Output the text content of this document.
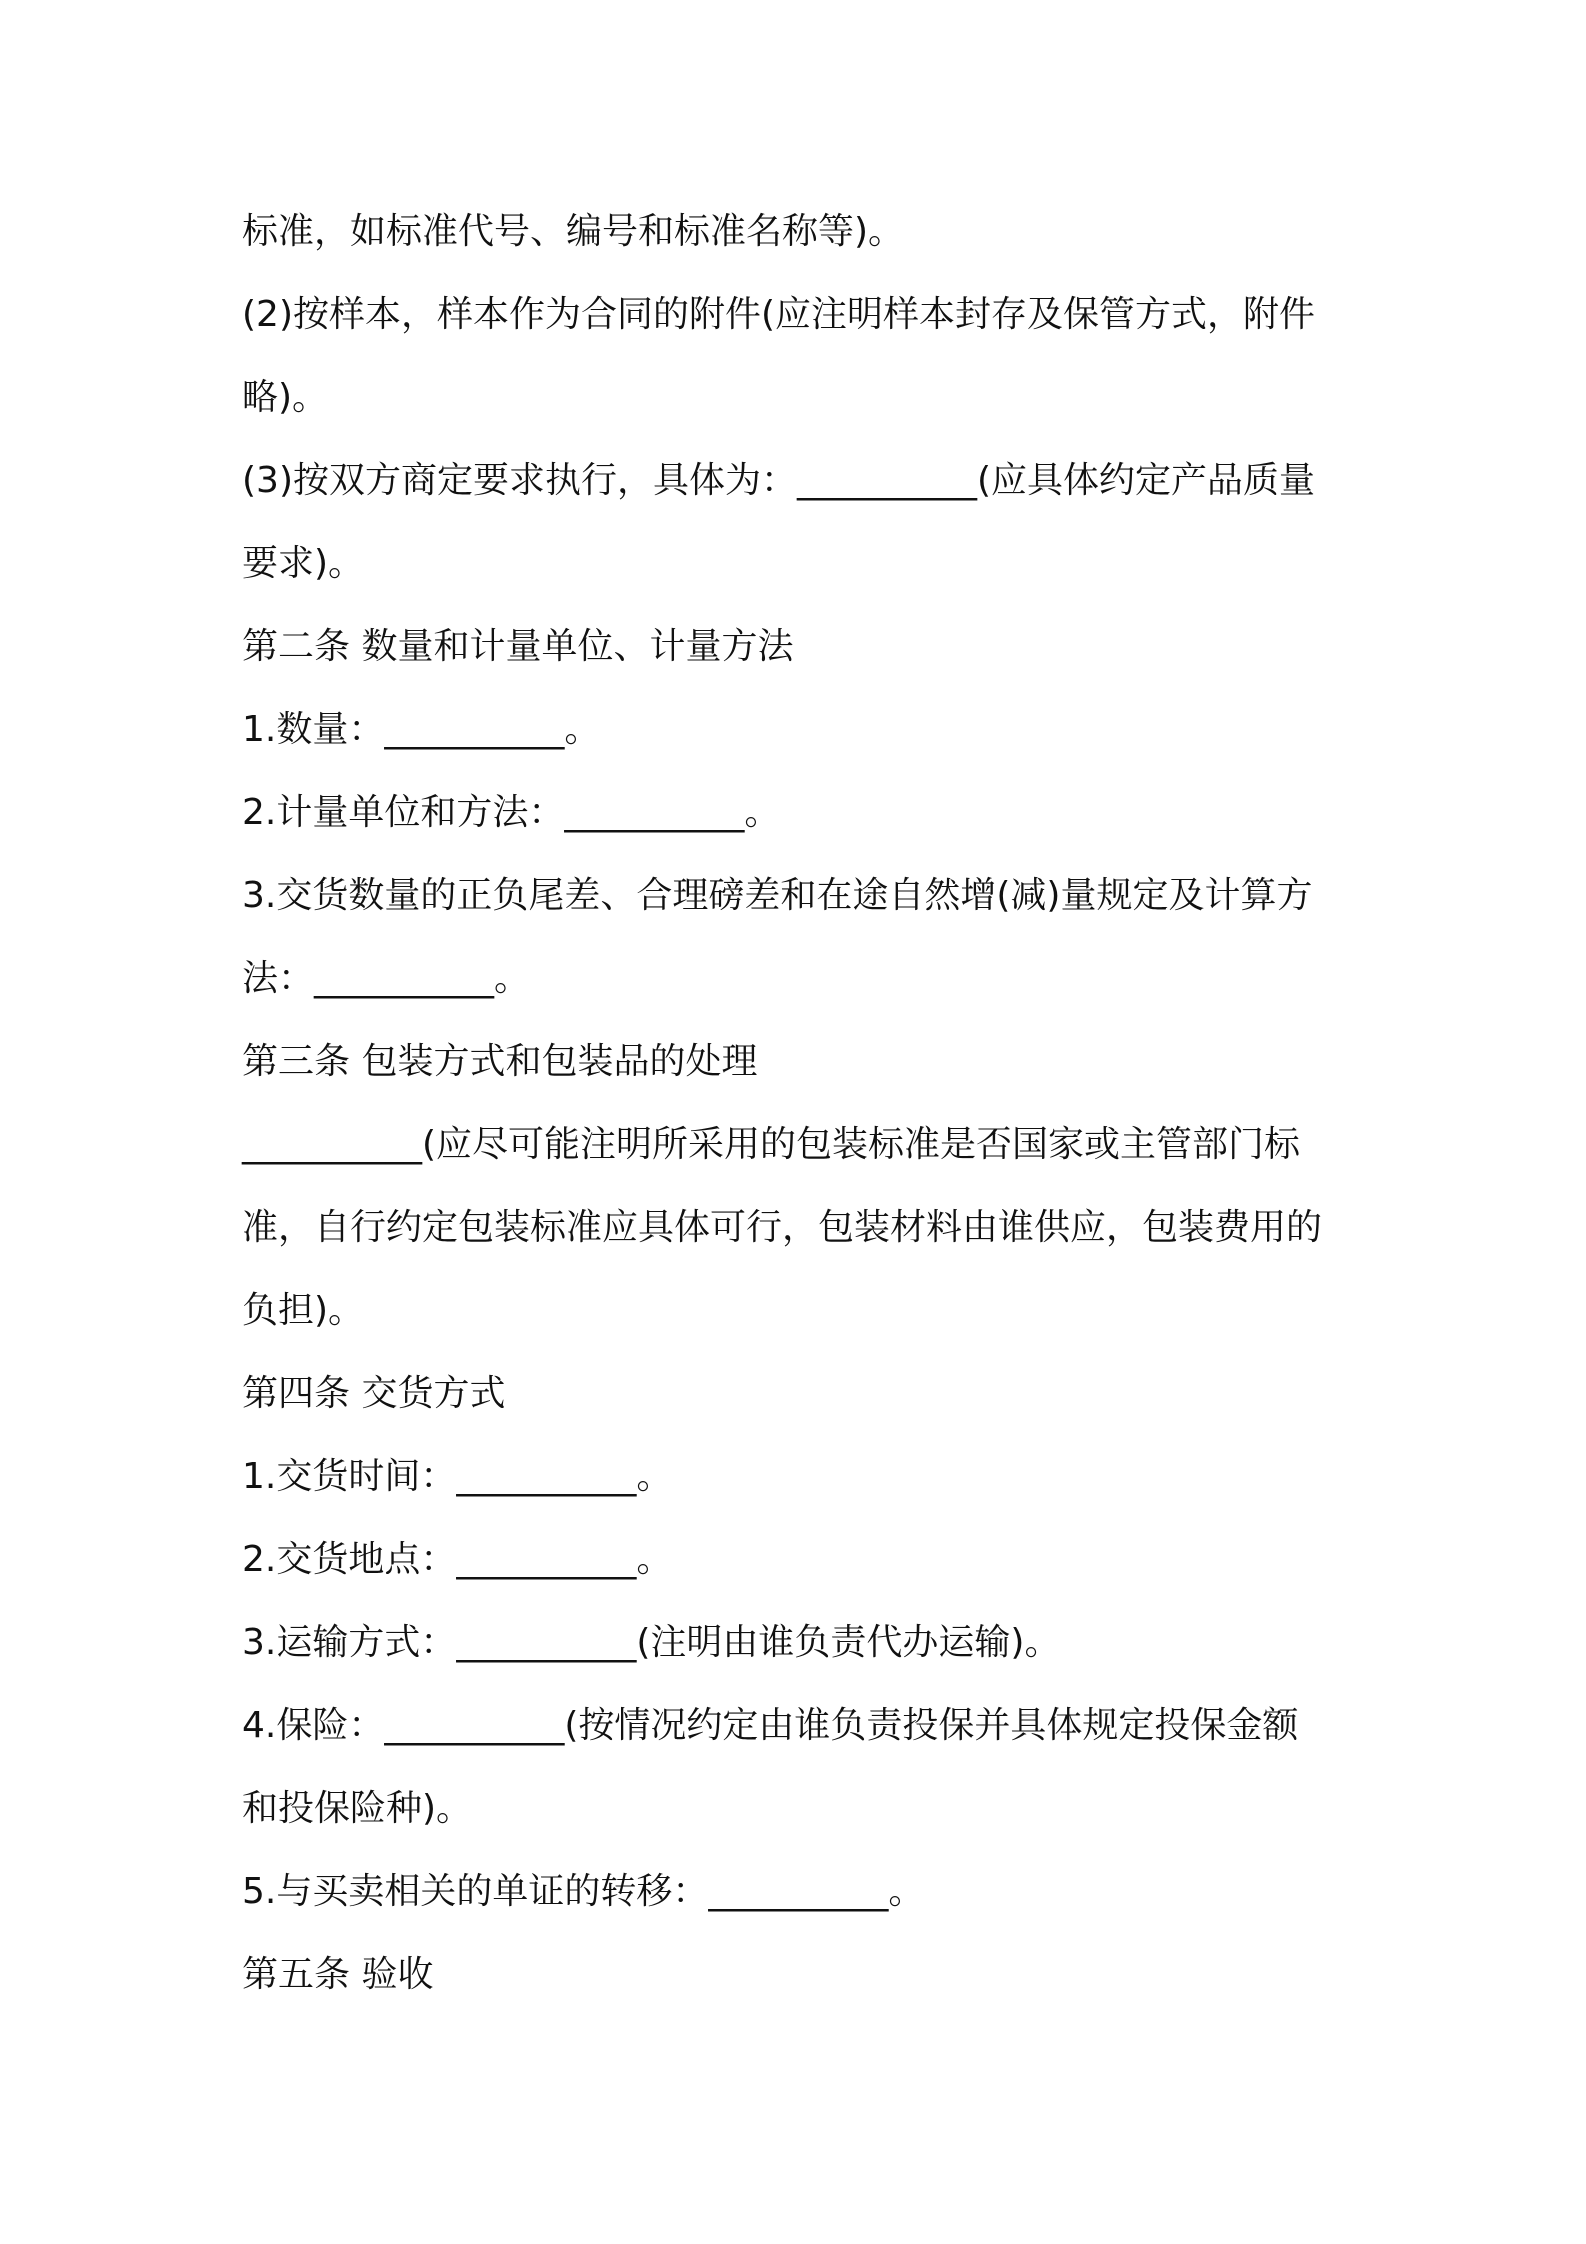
标准，如标准代号、编号和标准名称等)。
(2)按样本，样本作为合同的附件(应注明样本封存及保管方式，附件
略)。
(3)按双方商定要求执行，具体为：__________(应具体约定产品质量
要求)。
第二条 数量和计量单位、计量方法
1.数量：__________。
2.计量单位和方法：__________。
3.交货数量的正负尾差、合理磅差和在途自然增(减)量规定及计算方
法：__________。
第三条 包装方式和包装品的处理
__________(应尽可能注明所采用的包装标准是否国家或主管部门标
准，自行约定包装标准应具体可行，包装材料由谁供应，包装费用的
负担)。
第四条 交货方式
1.交货时间：__________。
2.交货地点：__________。
3.运输方式：__________(注明由谁负责代办运输)。
4.保险：__________(按情况约定由谁负责投保并具体规定投保金额
和投保险种)。
5.与买卖相关的单证的转移：__________。
第五条 验收
